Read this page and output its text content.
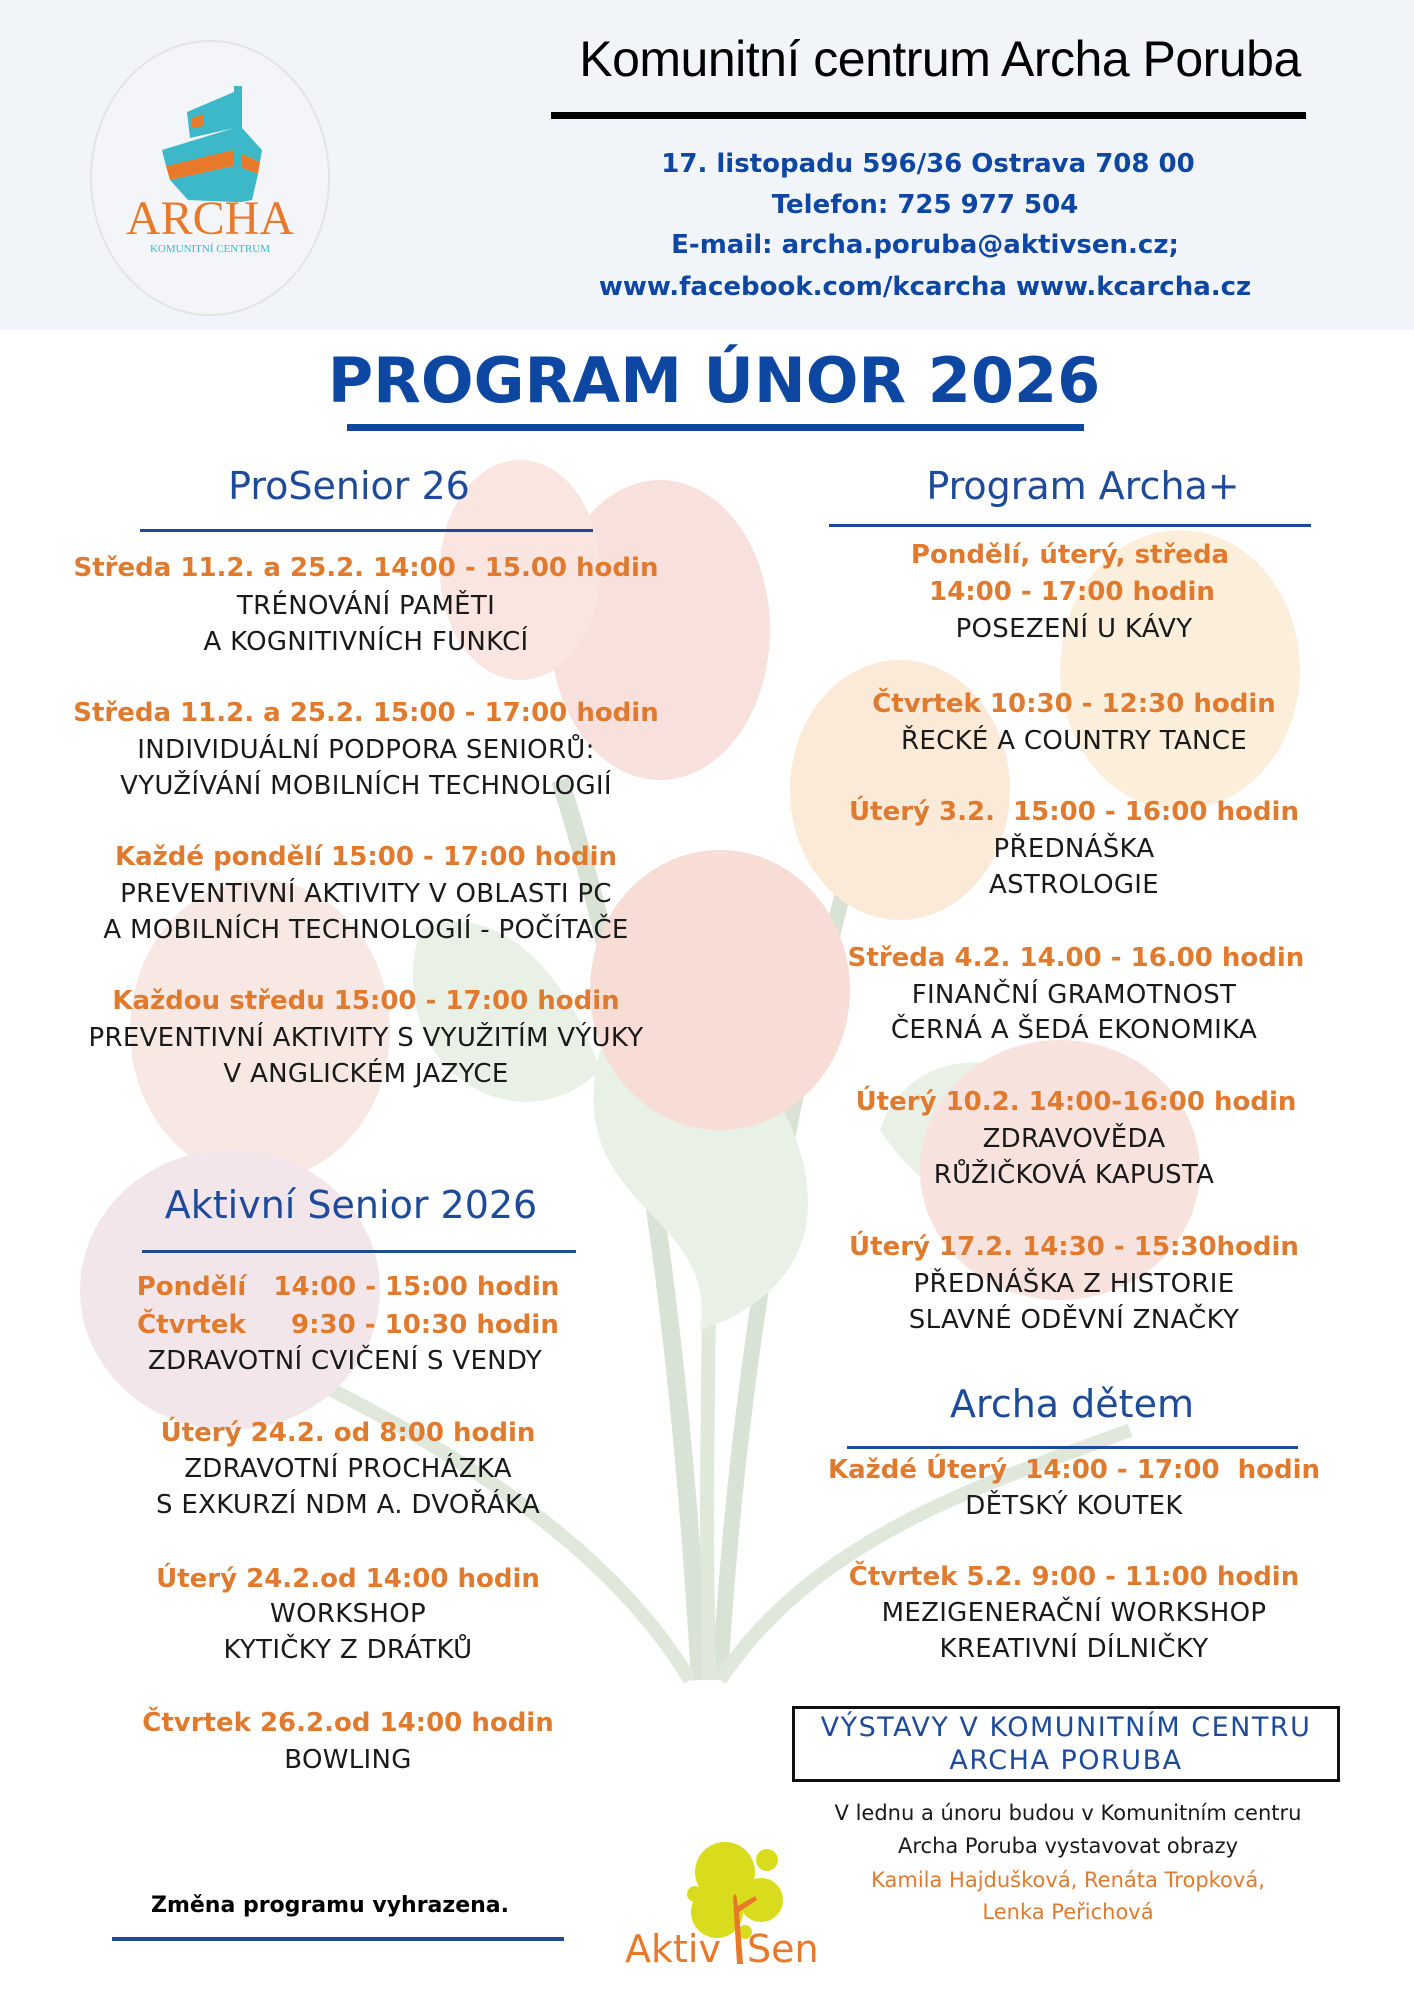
ARCHA
KOMUNITNÍ CENTRUM
Komunitní centrum Archa Poruba
17. listopadu 596/36 Ostrava 708 00
Telefon: 725 977 504
E-mail: archa.poruba@aktivsen.cz;
www.facebook.com/kcarcha www.kcarcha.cz
PROGRAM ÚNOR 2026
ProSenior 26
Středa 11.2. a 25.2. 14:00 - 15.00 hodin
TRÉNOVÁNÍ PAMĚTI
A KOGNITIVNÍCH FUNKCÍ
Středa 11.2. a 25.2. 15:00 - 17:00 hodin
INDIVIDUÁLNÍ PODPORA SENIORŮ:
VYUŽÍVÁNÍ MOBILNÍCH TECHNOLOGIÍ
Každé pondělí 15:00 - 17:00 hodin
PREVENTIVNÍ AKTIVITY V OBLASTI PC
A MOBILNÍCH TECHNOLOGIÍ - POČÍTAČE
Každou středu 15:00 - 17:00 hodin
PREVENTIVNÍ AKTIVITY S VYUŽITÍM VÝUKY
V ANGLICKÉM JAZYCE
Aktivní Senior 2026
Pondělí   14:00 - 15:00 hodin
Čtvrtek     9:30 - 10:30 hodin
ZDRAVOTNÍ CVIČENÍ S VENDY
Úterý 24.2. od 8:00 hodin
ZDRAVOTNÍ PROCHÁZKA
S EXKURZÍ NDM A. DVOŘÁKA
Úterý 24.2.od 14:00 hodin
WORKSHOP
KYTIČKY Z DRÁTKŮ
Čtvrtek 26.2.od 14:00 hodin
BOWLING
Program Archa+
Pondělí, úterý, středa
14:00 - 17:00 hodin
POSEZENÍ U KÁVY
Čtvrtek 10:30 - 12:30 hodin
ŘECKÉ A COUNTRY TANCE
Úterý 3.2.  15:00 - 16:00 hodin
PŘEDNÁŠKA
ASTROLOGIE
Středa 4.2. 14.00 - 16.00 hodin
FINANČNÍ GRAMOTNOST
ČERNÁ A ŠEDÁ EKONOMIKA
Úterý 10.2. 14:00-16:00 hodin
ZDRAVOVĚDA
RŮŽIČKOVÁ KAPUSTA
Úterý 17.2. 14:30 - 15:30hodin
PŘEDNÁŠKA Z HISTORIE
SLAVNÉ ODĚVNÍ ZNAČKY
Archa dětem
Každé Úterý  14:00 - 17:00  hodin
DĚTSKÝ KOUTEK
Čtvrtek 5.2. 9:00 - 11:00 hodin
MEZIGENERAČNÍ WORKSHOP
KREATIVNÍ DÍLNIČKY
VÝSTAVY V KOMUNITNÍM CENTRU
ARCHA PORUBA
V lednu a únoru budou v Komunitním centru
Archa Poruba vystavovat obrazy
Kamila Hajdušková, Renáta Tropková,
Lenka Peřichová
Změna programu vyhrazena.
Aktiv Sen
